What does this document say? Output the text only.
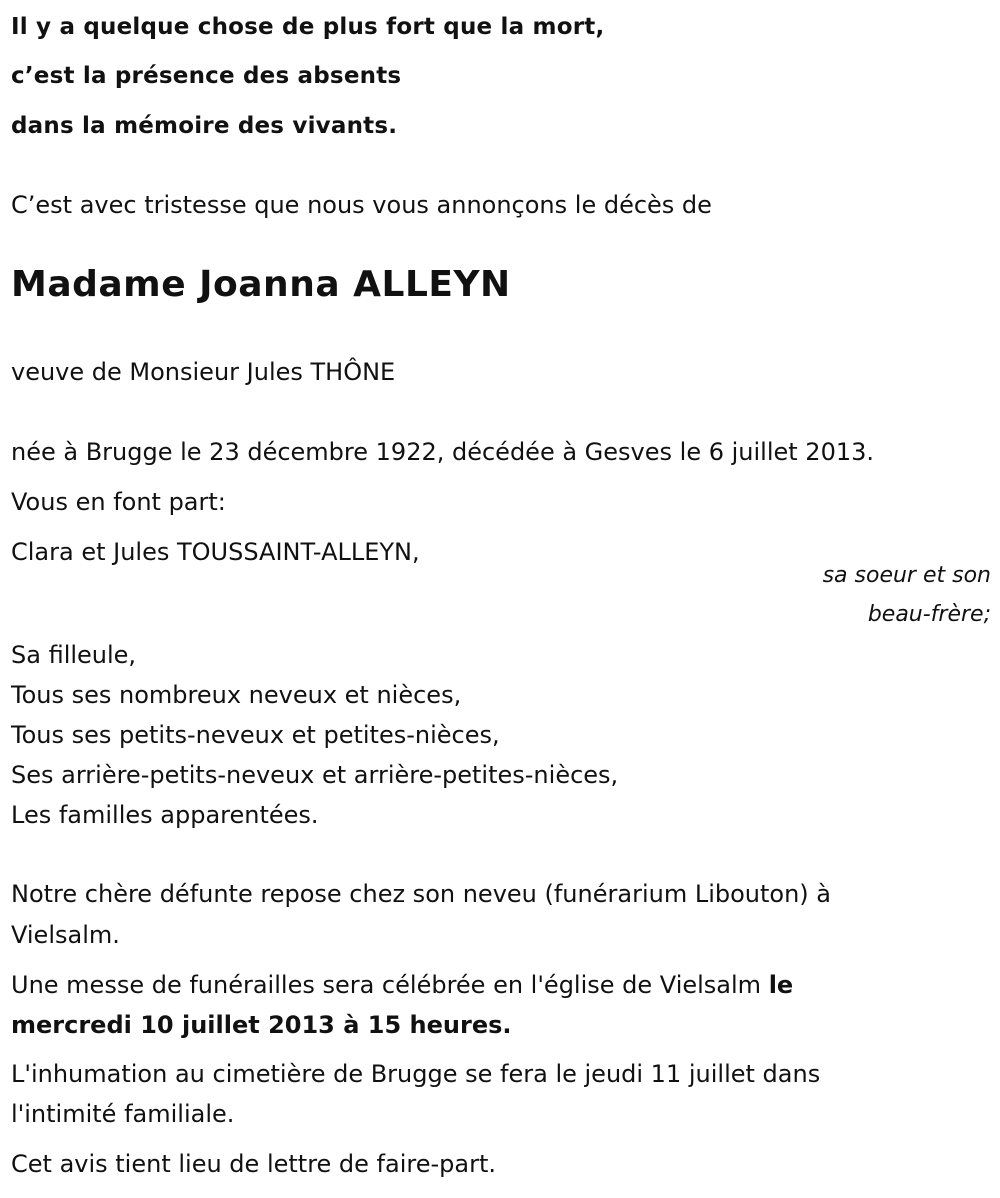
Il y a quelque chose de plus fort que la mort,
c’est la présence des absents
dans la mémoire des vivants.
C’est avec tristesse que nous vous annonçons le décès de
Madame Joanna ALLEYN
veuve de Monsieur Jules THÔNE
née à Brugge le 23 décembre 1922, décédée à Gesves le 6 juillet 2013.
Vous en font part:
Clara et Jules TOUSSAINT-ALLEYN,
sa soeur et son
beau-frère;
Sa filleule,
Tous ses nombreux neveux et nièces,
Tous ses petits-neveux et petites-nièces,
Ses arrière-petits-neveux et arrière-petites-nièces,
Les familles apparentées.
Notre chère défunte repose chez son neveu (funérarium Libouton) à
Vielsalm.
Une messe de funérailles sera célébrée en l'église de Vielsalm le
mercredi 10 juillet 2013 à 15 heures.
L'inhumation au cimetière de Brugge se fera le jeudi 11 juillet dans
l'intimité familiale.
Cet avis tient lieu de lettre de faire-part.
